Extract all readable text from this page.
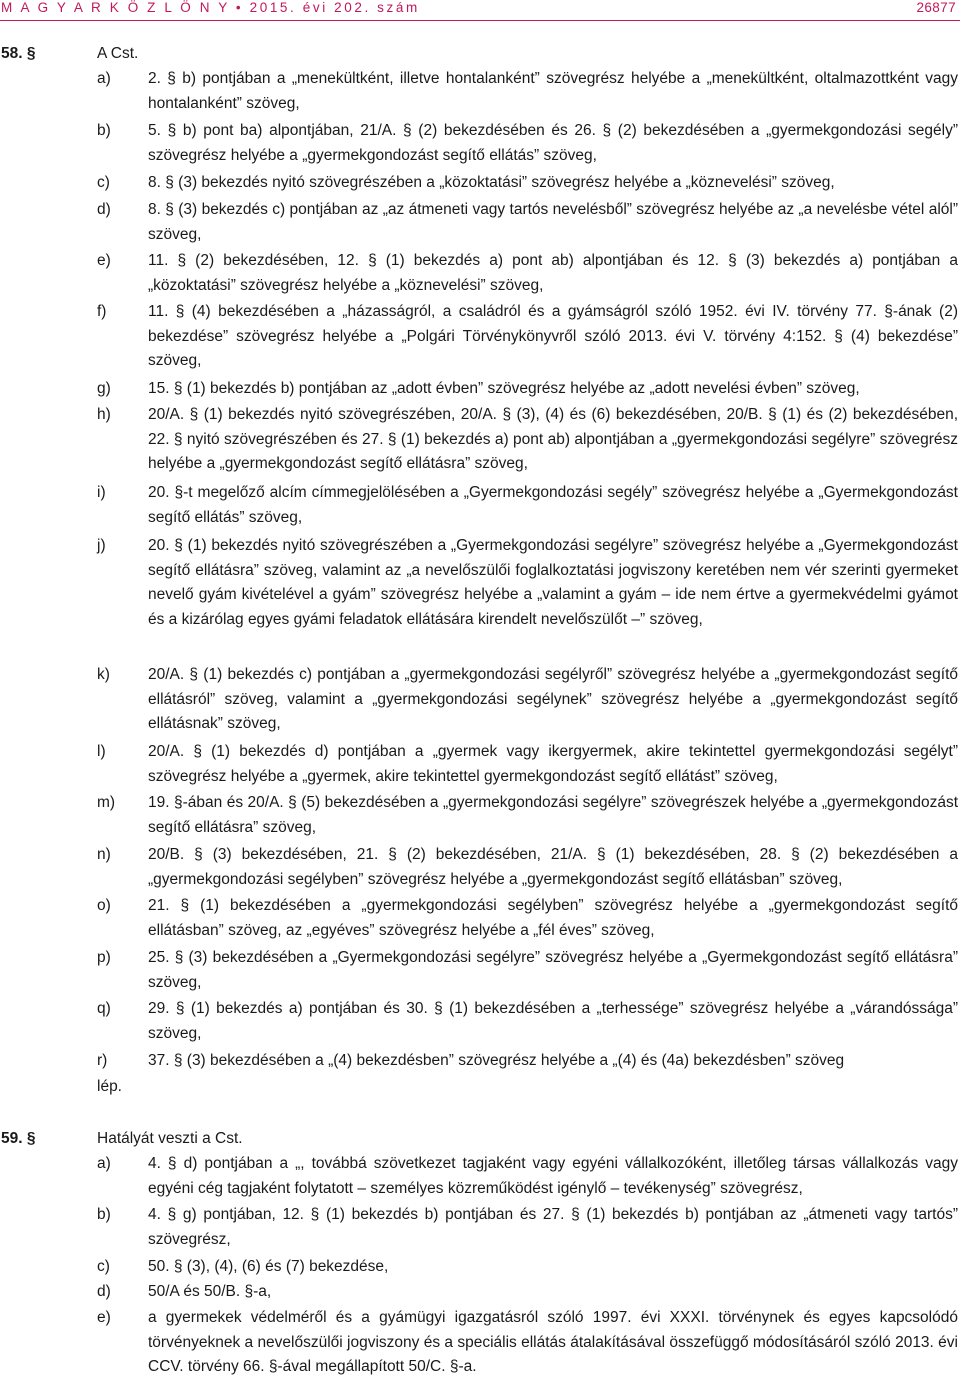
M A G Y A R K Ö Z L Ö N Y • 2015. évi 202. szám	26877
58. §	A Cst.
a) 2. § b) pontjában a „menekültként, illetve hontalanként” szövegrész helyébe a „menekültként, oltalmazottként vagy hontalanként” szöveg,

b) 5. § b) pont ba) alpontjában, 21/A. § (2) bekezdésében és 26. § (2) bekezdésében a „gyermekgondozási segély” szövegrész helyébe a „gyermekgondozást segítő ellátás” szöveg,

c) 8. § (3) bekezdés nyitó szövegrészében a „közoktatási” szövegrész helyébe a „köznevelési” szöveg,

d) 8. § (3) bekezdés c) pontjában az „az átmeneti vagy tartós nevelésből” szövegrész helyébe az „a nevelésbe vétel alól” szöveg,

e) 11. § (2) bekezdésében, 12. § (1) bekezdés a) pont ab) alpontjában és 12. § (3) bekezdés a) pontjában a „közoktatási” szövegrész helyébe a „köznevelési” szöveg,

f)	11. § (4) bekezdésében a „házasságról, a családról és a gyámságról szóló 1952. évi IV. törvény 77. §-ának (2) bekezdése” szövegrész helyébe a „Polgári Törvénykönyvről szóló 2013. évi V. törvény 4:152. § (4) bekezdése” szöveg,

g) 15. § (1) bekezdés b) pontjában az „adott évben” szövegrész helyébe az „adott nevelési évben” szöveg,

h) 20/A. § (1) bekezdés nyitó szövegrészében, 20/A. § (3), (4) és (6) bekezdésében, 20/B. § (1) és (2) bekezdésében, 22. § nyitó szövegrészében és 27. § (1) bekezdés a) pont ab) alpontjában a „gyermekgondozási segélyre” szövegrész helyébe a „gyermekgondozást segítő ellátásra” szöveg,

i)	20. §-t megelőző alcím címmegjelölésében a „Gyermekgondozási segély” szövegrész helyébe a „Gyermekgondozást segítő ellátás” szöveg,

j)	20. § (1) bekezdés nyitó szövegrészében a „Gyermekgondozási segélyre” szövegrész helyébe a „Gyermekgondozást segítő ellátásra” szöveg, valamint az „a nevelőszülői foglalkoztatási jogviszony keretében nem vér szerinti gyermeket nevelő gyám kivételével a gyám” szövegrész helyébe a „valamint a gyám – ide nem értve a gyermekvédelmi gyámot és a kizárólag egyes gyámi feladatok ellátására kirendelt nevelőszülőt –” szöveg,

k) 20/A. § (1) bekezdés c) pontjában a „gyermekgondozási segélyről” szövegrész helyébe a „gyermekgondozást segítő ellátásról” szöveg, valamint a „gyermekgondozási segélynek” szövegrész helyébe a „gyermekgondozást segítő ellátásnak” szöveg,

l)	20/A. § (1) bekezdés d) pontjában a „gyermek vagy ikergyermek, akire tekintettel gyermekgondozási segélyt” szövegrész helyébe a „gyermek, akire tekintettel gyermekgondozást segítő ellátást” szöveg,

m) 19. §-ában és 20/A. § (5) bekezdésében a „gyermekgondozási segélyre” szövegrészek helyébe a „gyermekgondozást segítő ellátásra” szöveg,

n) 20/B. § (3) bekezdésében, 21. § (2) bekezdésében, 21/A. § (1) bekezdésében, 28. § (2) bekezdésében a „gyermekgondozási segélyben” szövegrész helyébe a „gyermekgondozást segítő ellátásban” szöveg,

o) 21. § (1) bekezdésében a „gyermekgondozási segélyben” szövegrész helyébe a „gyermekgondozást segítő ellátásban” szöveg, az „egyéves” szövegrész helyébe a „fél éves” szöveg,

p) 25. § (3) bekezdésében a „Gyermekgondozási segélyre” szövegrész helyébe a „Gyermekgondozást segítő ellátásra” szöveg,

q) 29. § (1) bekezdés a) pontjában és 30. § (1) bekezdésében a „terhessége” szövegrész helyébe a „várandóssága” szöveg,

r)	37. § (3) bekezdésében a „(4) bekezdésben” szövegrész helyébe a „(4) és (4a) bekezdésben” szöveg

lép.
59. §	Hatályát veszti a Cst.
a) 4. § d) pontjában a „, továbbá szövetkezet tagjaként vagy egyéni vállalkozóként, illetőleg társas vállalkozás vagy egyéni cég tagjaként folytatott – személyes közreműködést igénylő – tevékenység” szövegrész,

b) 4. § g) pontjában, 12. § (1) bekezdés b) pontjában és 27. § (1) bekezdés b) pontjában az „átmeneti vagy tartós” szövegrész,

c) 50. § (3), (4), (6) és (7) bekezdése,

d) 50/A és 50/B. §-a,

e) a gyermekek védelméről és a gyámügyi igazgatásról szóló 1997. évi XXXI. törvénynek és egyes kapcsolódó törvényeknek a nevelőszülői jogviszony és a speciális ellátás átalakításával összefüggő módosításáról szóló 2013. évi CCV. törvény 66. §-ával megállapított 50/C. §-a.
